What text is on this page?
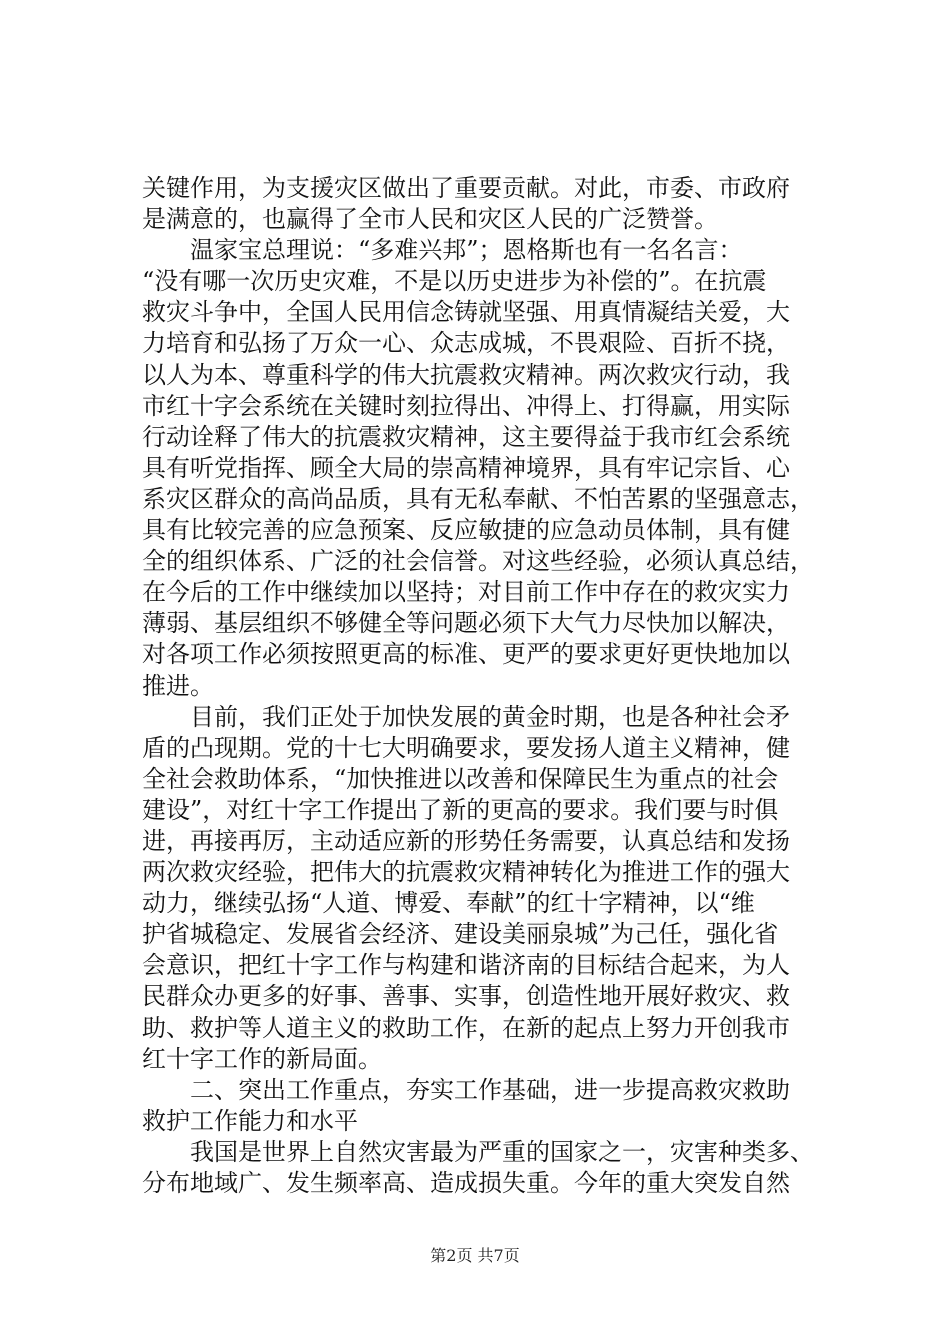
关键作用，为支援灾区做出了重要贡献。对此，市委、市政府
是满意的，也赢得了全市人民和灾区人民的广泛赞誉。
　　温家宝总理说：“多难兴邦”；恩格斯也有一名名言：
“没有哪一次历史灾难，不是以历史进步为补偿的”。在抗震
救灾斗争中，全国人民用信念铸就坚强、用真情凝结关爱，大
力培育和弘扬了万众一心、众志成城，不畏艰险、百折不挠，
以人为本、尊重科学的伟大抗震救灾精神。两次救灾行动，我
市红十字会系统在关键时刻拉得出、冲得上、打得赢，用实际
行动诠释了伟大的抗震救灾精神，这主要得益于我市红会系统
具有听党指挥、顾全大局的崇高精神境界，具有牢记宗旨、心
系灾区群众的高尚品质，具有无私奉献、不怕苦累的坚强意志，
具有比较完善的应急预案、反应敏捷的应急动员体制，具有健
全的组织体系、广泛的社会信誉。对这些经验，必须认真总结，
在今后的工作中继续加以坚持；对目前工作中存在的救灾实力
薄弱、基层组织不够健全等问题必须下大气力尽快加以解决，
对各项工作必须按照更高的标准、更严的要求更好更快地加以
推进。
　　目前，我们正处于加快发展的黄金时期，也是各种社会矛
盾的凸现期。党的十七大明确要求，要发扬人道主义精神，健
全社会救助体系，“加快推进以改善和保障民生为重点的社会
建设”，对红十字工作提出了新的更高的要求。我们要与时俱
进，再接再厉，主动适应新的形势任务需要，认真总结和发扬
两次救灾经验，把伟大的抗震救灾精神转化为推进工作的强大
动力，继续弘扬“人道、博爱、奉献”的红十字精神，以“维
护省城稳定、发展省会经济、建设美丽泉城”为己任，强化省
会意识，把红十字工作与构建和谐济南的目标结合起来，为人
民群众办更多的好事、善事、实事，创造性地开展好救灾、救
助、救护等人道主义的救助工作，在新的起点上努力开创我市
红十字工作的新局面。
　　二、突出工作重点，夯实工作基础，进一步提高救灾救助
救护工作能力和水平
　　我国是世界上自然灾害最为严重的国家之一，灾害种类多、
分布地域广、发生频率高、造成损失重。今年的重大突发自然
第2页 共7页
